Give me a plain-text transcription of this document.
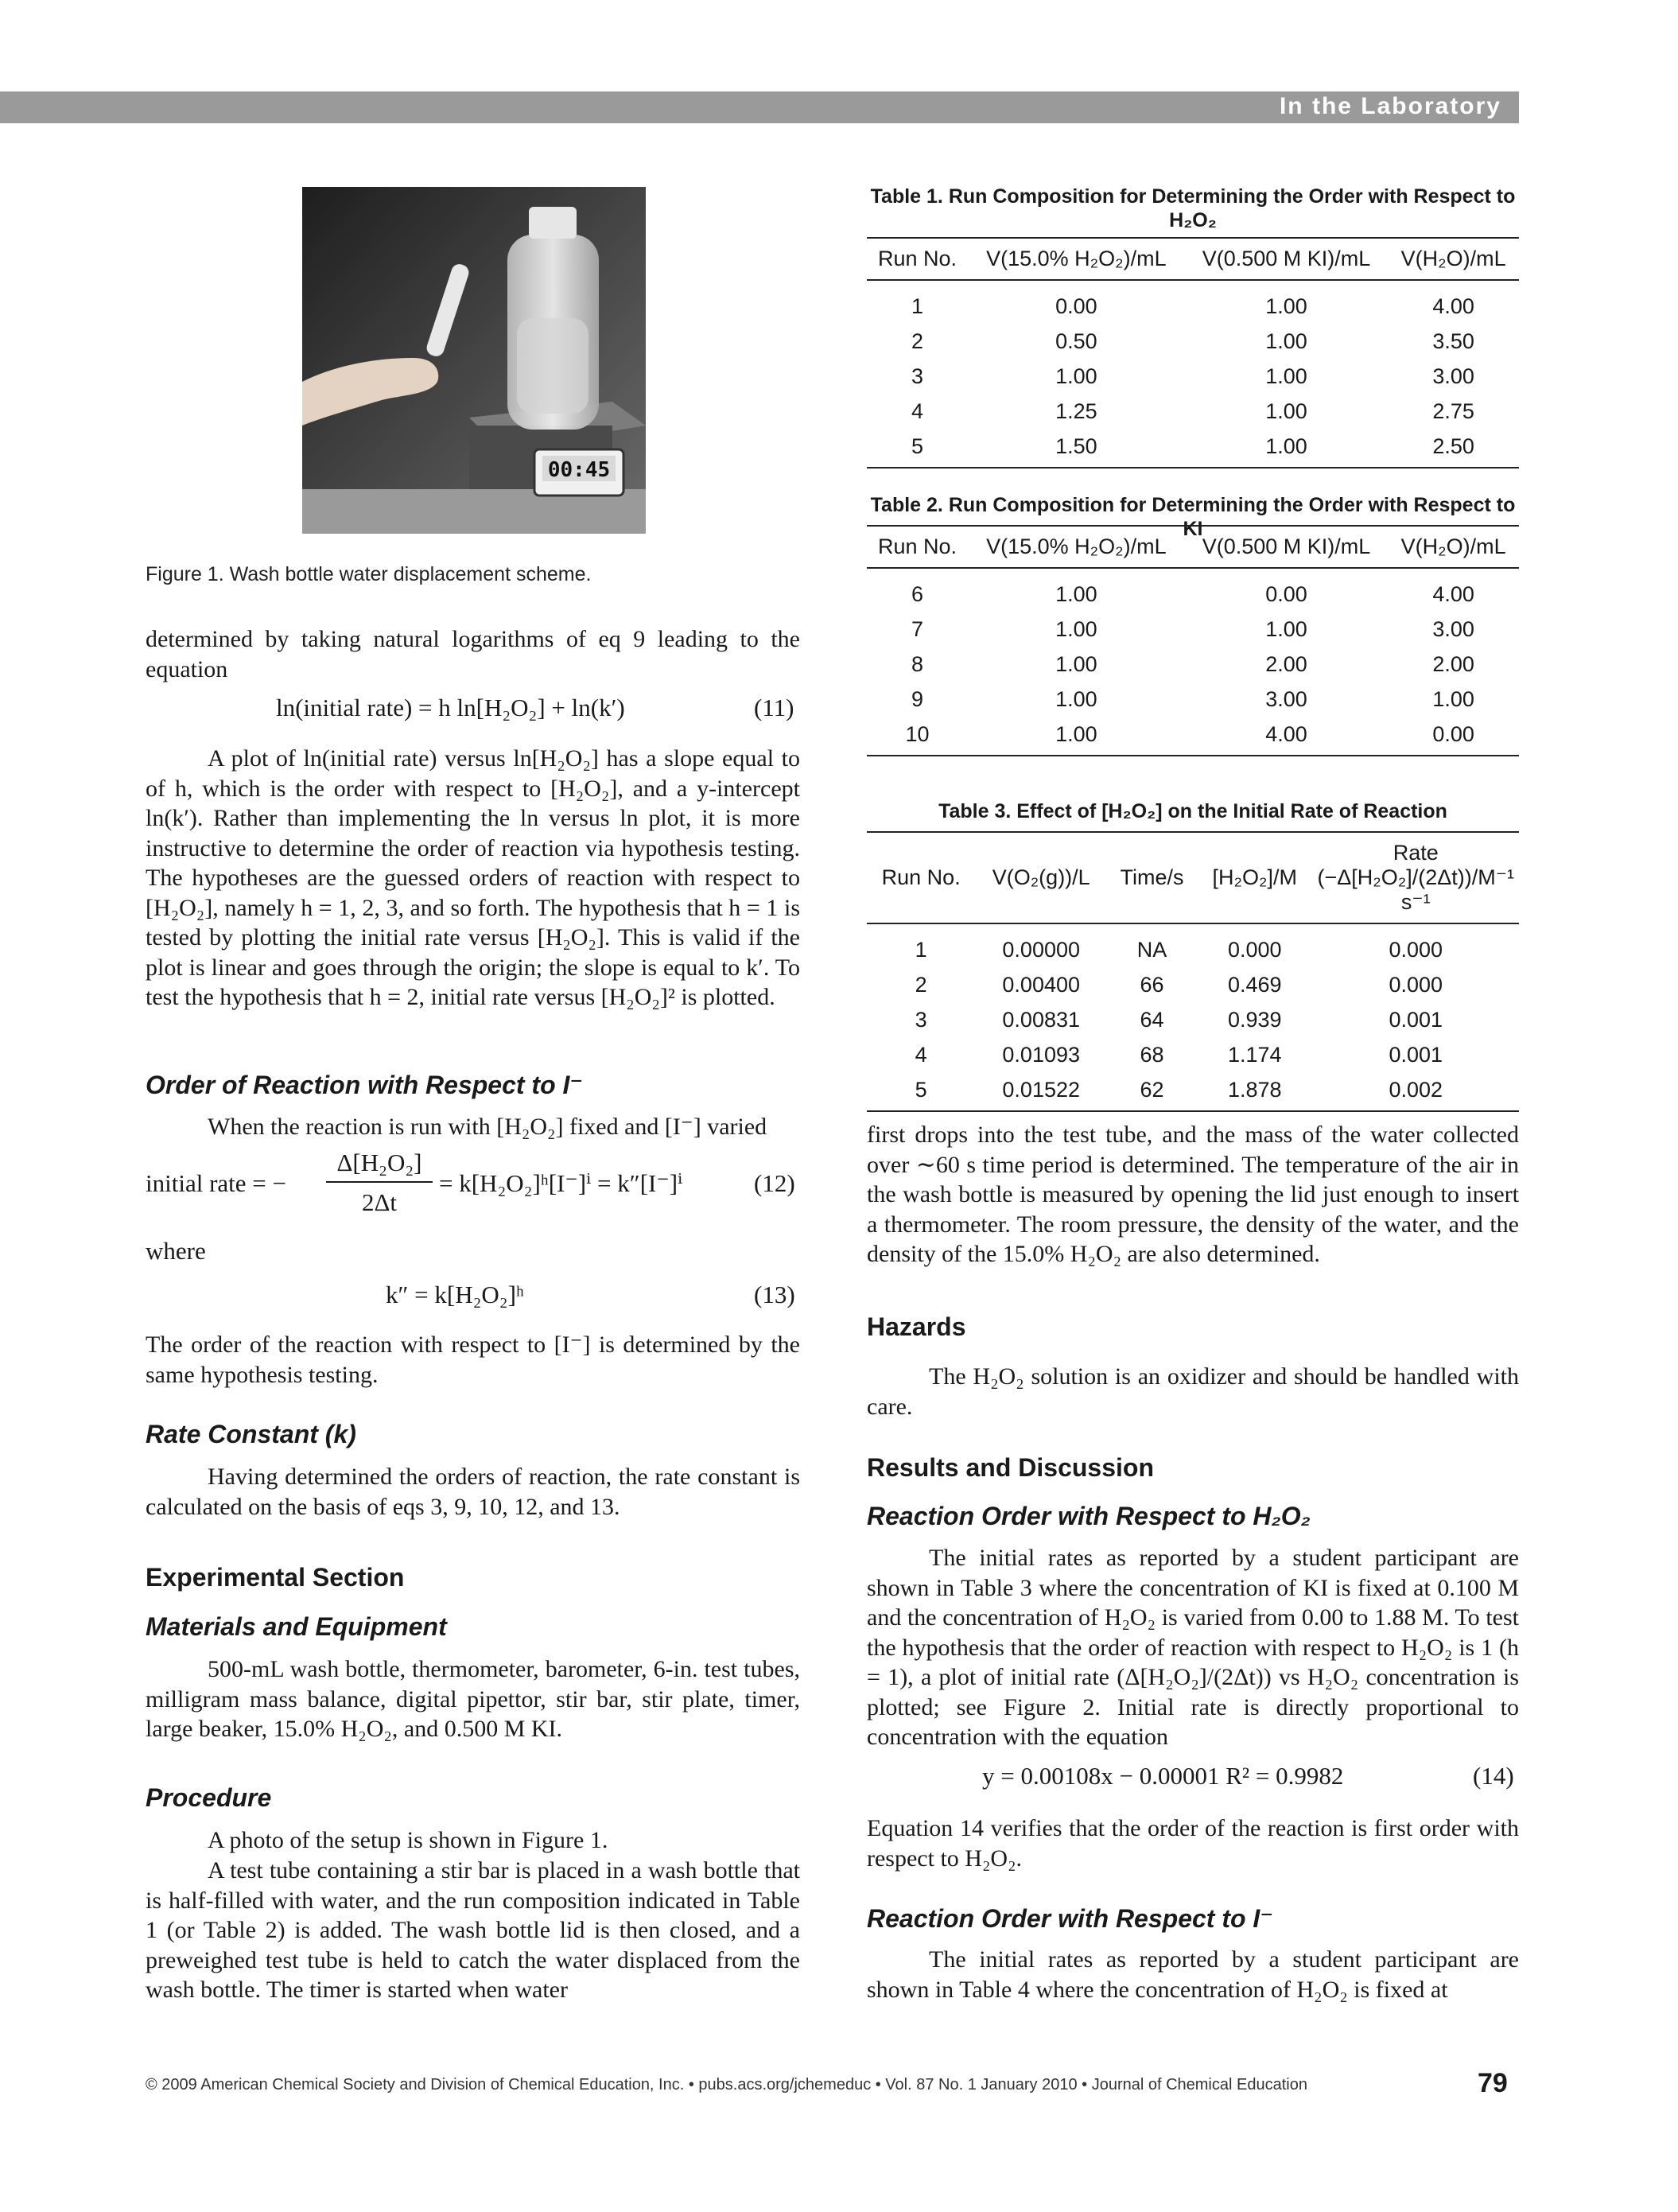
In the Laboratory
00:45
Figure 1. Wash bottle water displacement scheme.

determined by taking natural logarithms of eq 9 leading to the equation

ln(initial rate) = h ln[H₂O₂] + ln(k′)	(11)

A plot of ln(initial rate) versus ln[H₂O₂] has a slope equal to of h, which is the order with respect to [H₂O₂], and a y-intercept ln(k′). Rather than implementing the ln versus ln plot, it is more instructive to determine the order of reaction via hypothesis testing. The hypotheses are the guessed orders of reaction with respect to [H₂O₂], namely h = 1, 2, 3, and so forth. The hypothesis that h = 1 is tested by plotting the initial rate versus [H₂O₂]. This is valid if the plot is linear and goes through the origin; the slope is equal to k′. To test the hypothesis that h = 2, initial rate versus [H₂O₂]² is plotted.

Order of Reaction with Respect to I⁻

When the reaction is run with [H₂O₂] fixed and [I⁻] varied

initial rate = −
Δ[H₂O₂]
2Δt
= k[H₂O₂]ʰ[I⁻]ⁱ = k″[I⁻]ⁱ	(12)
where
k″ = k[H₂O₂]ʰ	(13)

The order of the reaction with respect to [I⁻] is determined by the same hypothesis testing.

Rate Constant (k)

Having determined the orders of reaction, the rate constant is calculated on the basis of eqs 3, 9, 10, 12, and 13.

Experimental Section
Materials and Equipment

500-mL wash bottle, thermometer, barometer, 6-in. test tubes, milligram mass balance, digital pipettor, stir bar, stir plate, timer, large beaker, 15.0% H₂O₂, and 0.500 M KI.

Procedure

A photo of the setup is shown in Figure 1.

A test tube containing a stir bar is placed in a wash bottle that is half-filled with water, and the run composition indicated in Table 1 (or Table 2) is added. The wash bottle lid is then closed, and a preweighed test tube is held to catch the water displaced from the wash bottle. The timer is started when water

Table 1. Run Composition for Determining the Order with Respect to H₂O₂
Run No.	V(15.0% H₂O₂)/mL	V(0.500 M KI)/mL	V(H₂O)/mL
1	0.00	1.00	4.00
2	0.50	1.00	3.50
3	1.00	1.00	3.00
4	1.25	1.00	2.75
5	1.50	1.00	2.50
Table 2. Run Composition for Determining the Order with Respect to KI
Run No.	V(15.0% H₂O₂)/mL	V(0.500 M KI)/mL	V(H₂O)/mL
6	1.00	0.00	4.00
7	1.00	1.00	3.00
8	1.00	2.00	2.00
9	1.00	3.00	1.00
10	1.00	4.00	0.00
Table 3. Effect of [H₂O₂] on the Initial Rate of Reaction
Run No.	V(O₂(g))/L	Time/s	[H₂O₂]/M	Rate (−Δ[H₂O₂]/(2Δt))/M⁻¹ s⁻¹
1	0.00000	NA	0.000	0.000
2	0.00400	66	0.469	0.000
3	0.00831	64	0.939	0.001
4	0.01093	68	1.174	0.001
5	0.01522	62	1.878	0.002

first drops into the test tube, and the mass of the water collected over ∼60 s time period is determined. The temperature of the air in the wash bottle is measured by opening the lid just enough to insert a thermometer. The room pressure, the density of the water, and the density of the 15.0% H₂O₂ are also determined.

Hazards

The H₂O₂ solution is an oxidizer and should be handled with care.

Results and Discussion
Reaction Order with Respect to H₂O₂

The initial rates as reported by a student participant are shown in Table 3 where the concentration of KI is fixed at 0.100 M and the concentration of H₂O₂ is varied from 0.00 to 1.88 M. To test the hypothesis that the order of reaction with respect to H₂O₂ is 1 (h = 1), a plot of initial rate (Δ[H₂O₂]/(2Δt)) vs H₂O₂ concentration is plotted; see Figure 2. Initial rate is directly proportional to concentration with the equation

y = 0.00108x − 0.00001 R² = 0.9982	(14)

Equation 14 verifies that the order of the reaction is first order with respect to H₂O₂.

Reaction Order with Respect to I⁻

The initial rates as reported by a student participant are shown in Table 4 where the concentration of H₂O₂ is fixed at

© 2009 American Chemical Society and Division of Chemical Education, Inc. • pubs.acs.org/jchemeduc • Vol. 87 No. 1 January 2010 • Journal of Chemical Education	79
